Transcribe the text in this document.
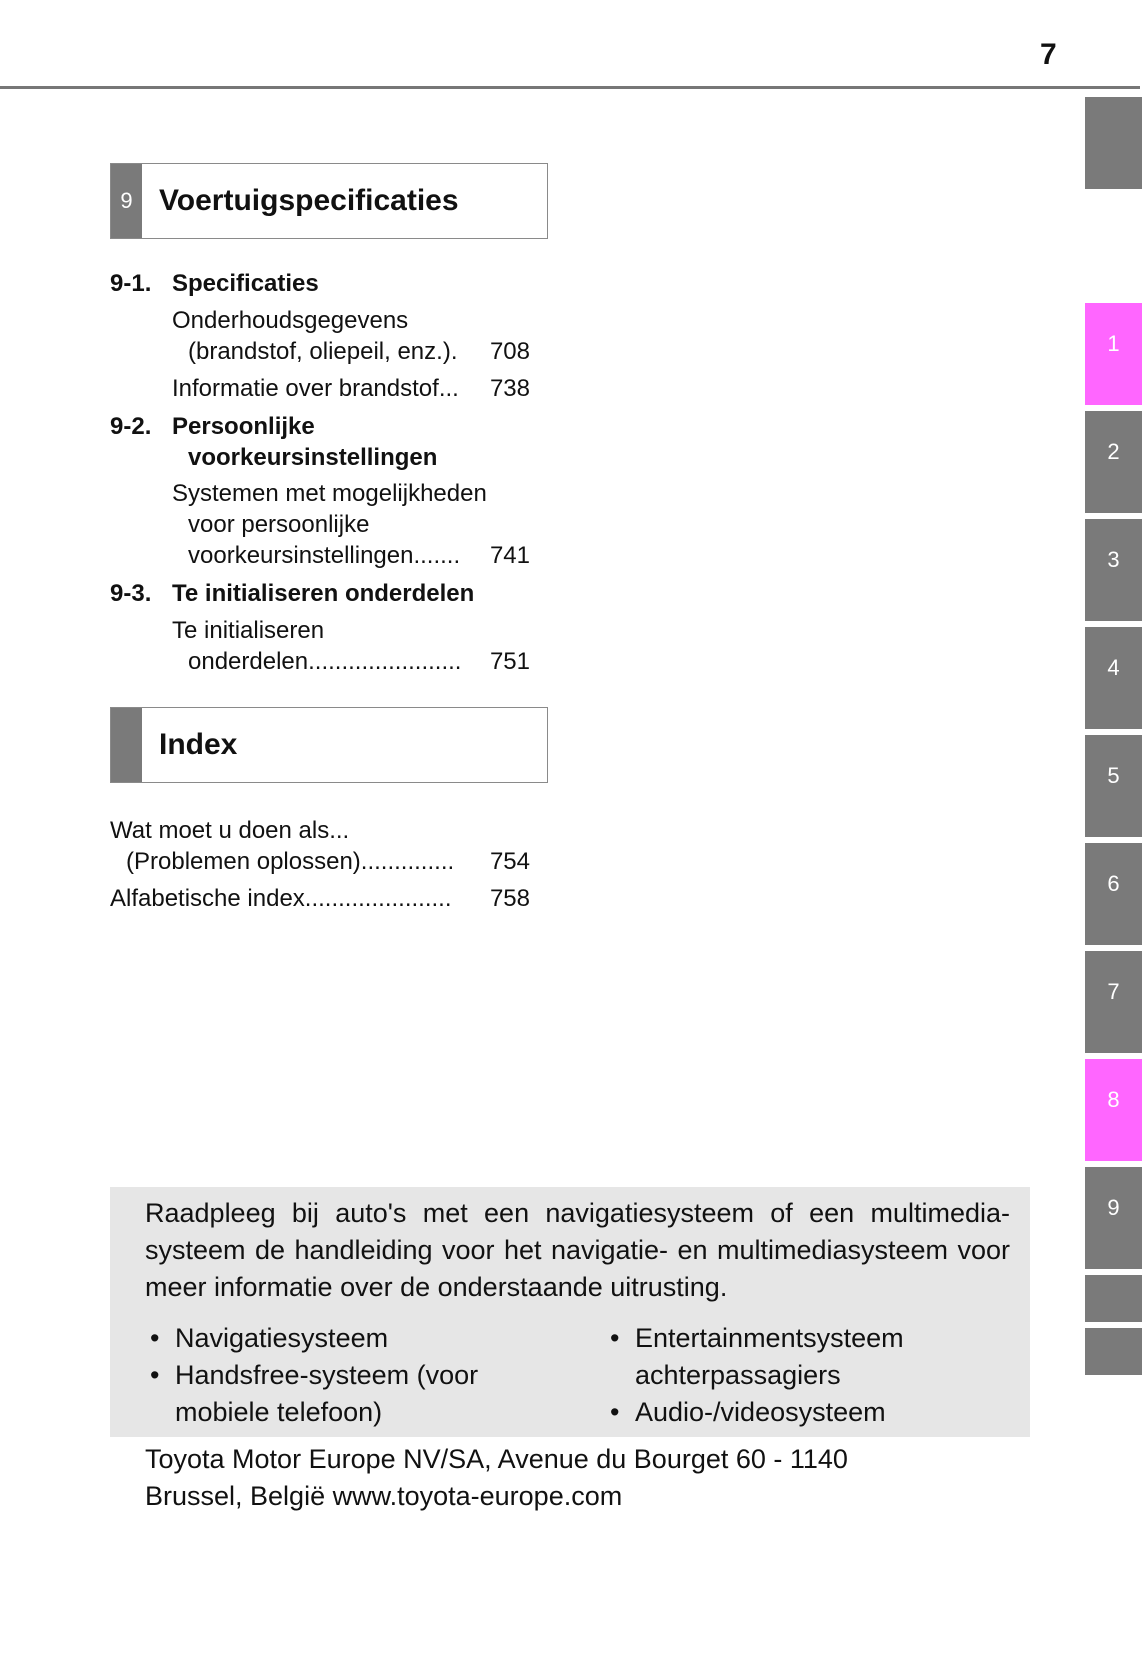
7
9 Voertuigspecificaties
9-1. Specificaties
Onderhoudsgegevens
(brandstof, oliepeil, enz.) . 708
Informatie over brandstof ... 738
9-2. Persoonlijke
voorkeursinstellingen
Systemen met mogelijkheden
voor persoonlijke
voorkeursinstellingen ....... 741
9-3. Te initialiseren onderdelen
Te initialiseren
onderdelen ....................... 751
Index
Wat moet u doen als...
(Problemen oplossen) .............. 754
Alfabetische index ...................... 758
1
2
3
4
5
6
7
8
9
Raadpleeg bij auto's met een navigatiesysteem of een multimedia-systeem de handleiding voor het navigatie- en multimediasysteem voor meer informatie over de onderstaande uitrusting.
• Navigatiesysteem
• Handsfree-systeem (voor mobiele telefoon)
• Entertainmentsysteem achterpassagiers
• Audio-/videosysteem
Toyota Motor Europe NV/SA, Avenue du Bourget 60 - 1140
Brussel, België www.toyota-europe.com
